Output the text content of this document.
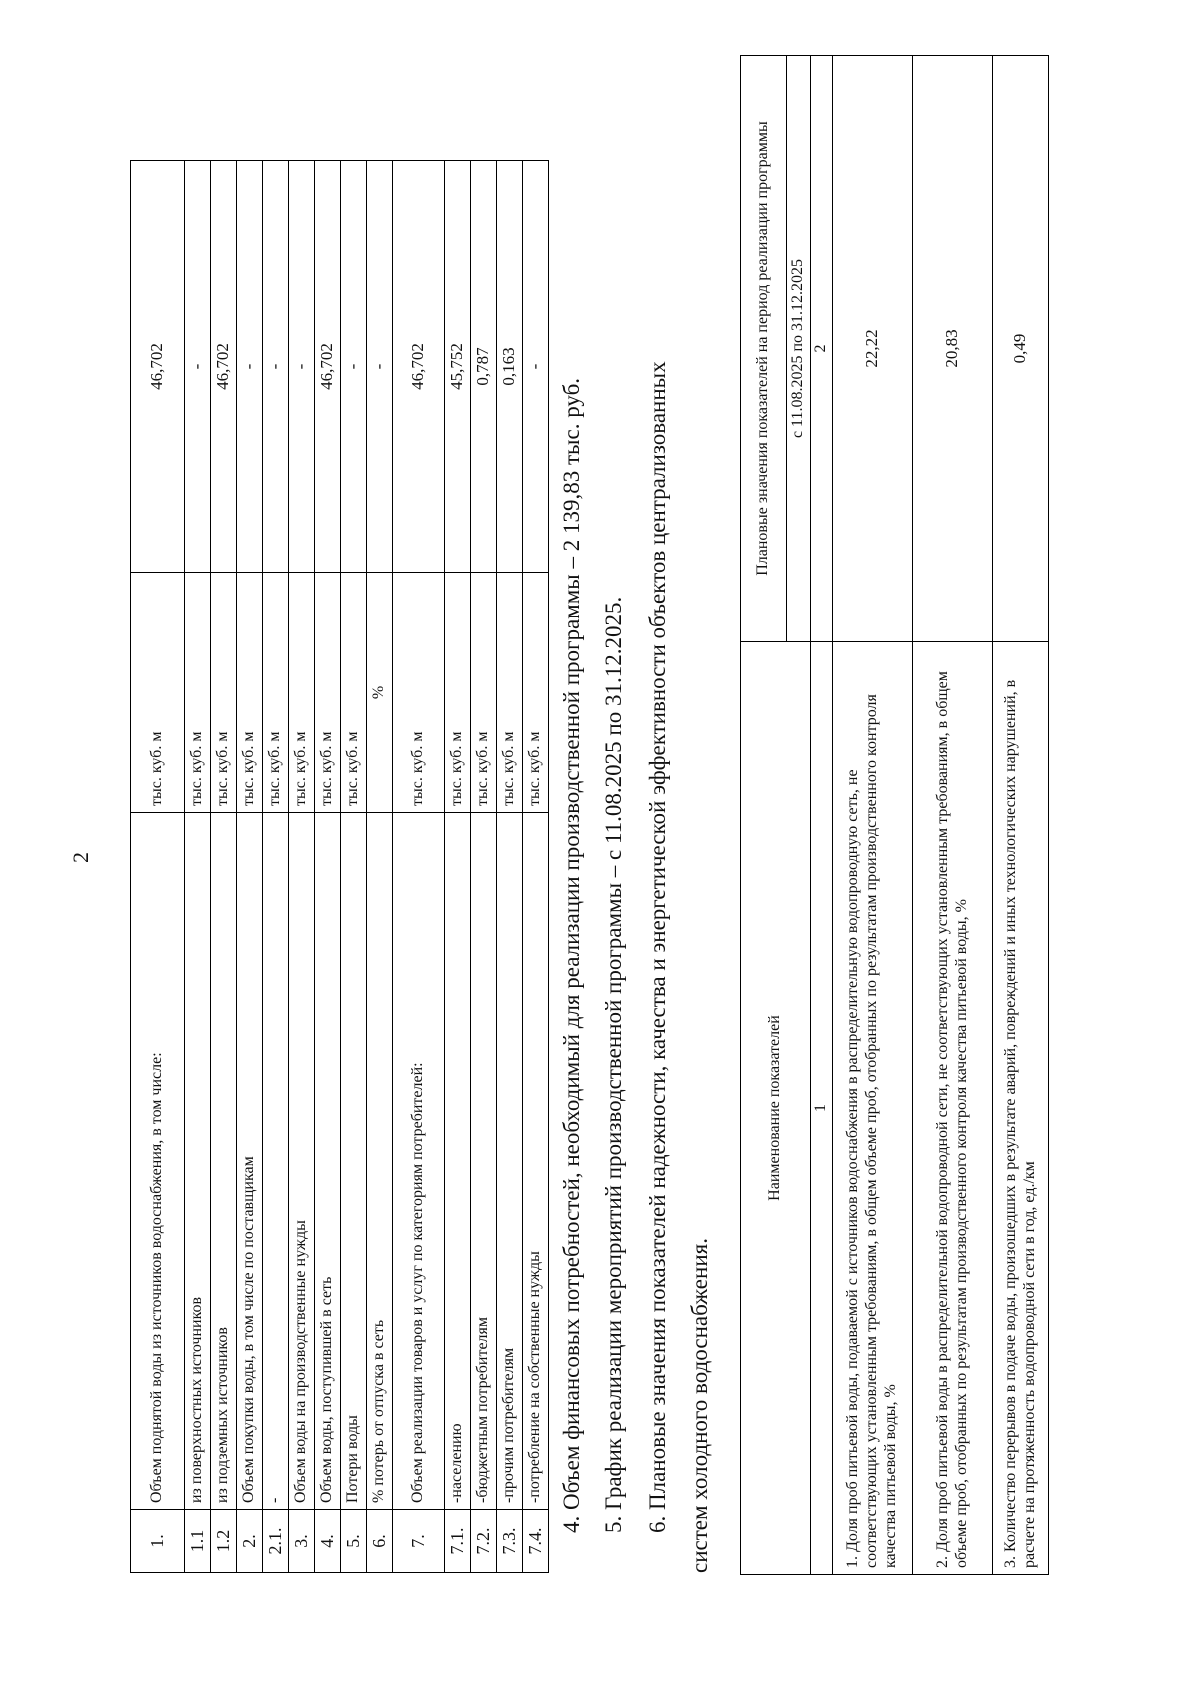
2
1.	Объем поднятой воды из источников водоснабжения, в том числе:	тыс. куб. м	46,702
1.1	из поверхностных источников	тыс. куб. м	-
1.2	из подземных источников	тыс. куб. м	46,702
2.	Объем покупки воды, в том числе по поставщикам	тыс. куб. м	-
2.1.	-	тыс. куб. м	-
3.	Объем воды на производственные нужды	тыс. куб. м	-
4.	Объем воды, поступившей в сеть	тыс. куб. м	46,702
5.	Потери воды	тыс. куб. м	-
6.	% потерь от отпуска в сеть	%	-
7.	Объем реализации товаров и услуг по категориям потребителей:	тыс. куб. м	46,702
7.1.	-населению	тыс. куб. м	45,752
7.2.	-бюджетным потребителям	тыс. куб. м	0,787
7.3.	-прочим потребителям	тыс. куб. м	0,163
7.4.	-потребление на собственные нужды	тыс. куб. м	-
4. Объем финансовых потребностей, необходимый для реализации производственной программы – 2 139,83 тыс. руб. 5. График реализации мероприятий производственной программы – с 11.08.2025 по 31.12.2025. 6. Плановые значения показателей надежности, качества и энергетической эффективности объектов централизованных систем холодного водоснабжения.
Наименование показателей	Плановые значения показателей на период реализации программы
	с 11.08.2025 по 31.12.2025
1	2
1. Доля проб питьевой воды, подаваемой с источников водоснабжения в распределительную водопроводную сеть, не соответствующих установленным требованиям, в общем объеме проб, отобранных по результатам производственного контроля качества питьевой воды, %	22,22
2. Доля проб питьевой воды в распределительной водопроводной сети, не соответствующих установленным требованиям, в общем объеме проб, отобранных по результатам производственного контроля качества питьевой воды, %	20,83
3. Количество перерывов в подаче воды, произошедших в результате аварий, повреждений и иных технологических нарушений, в расчете на протяженность водопроводной сети в год, ед./км	0,49
